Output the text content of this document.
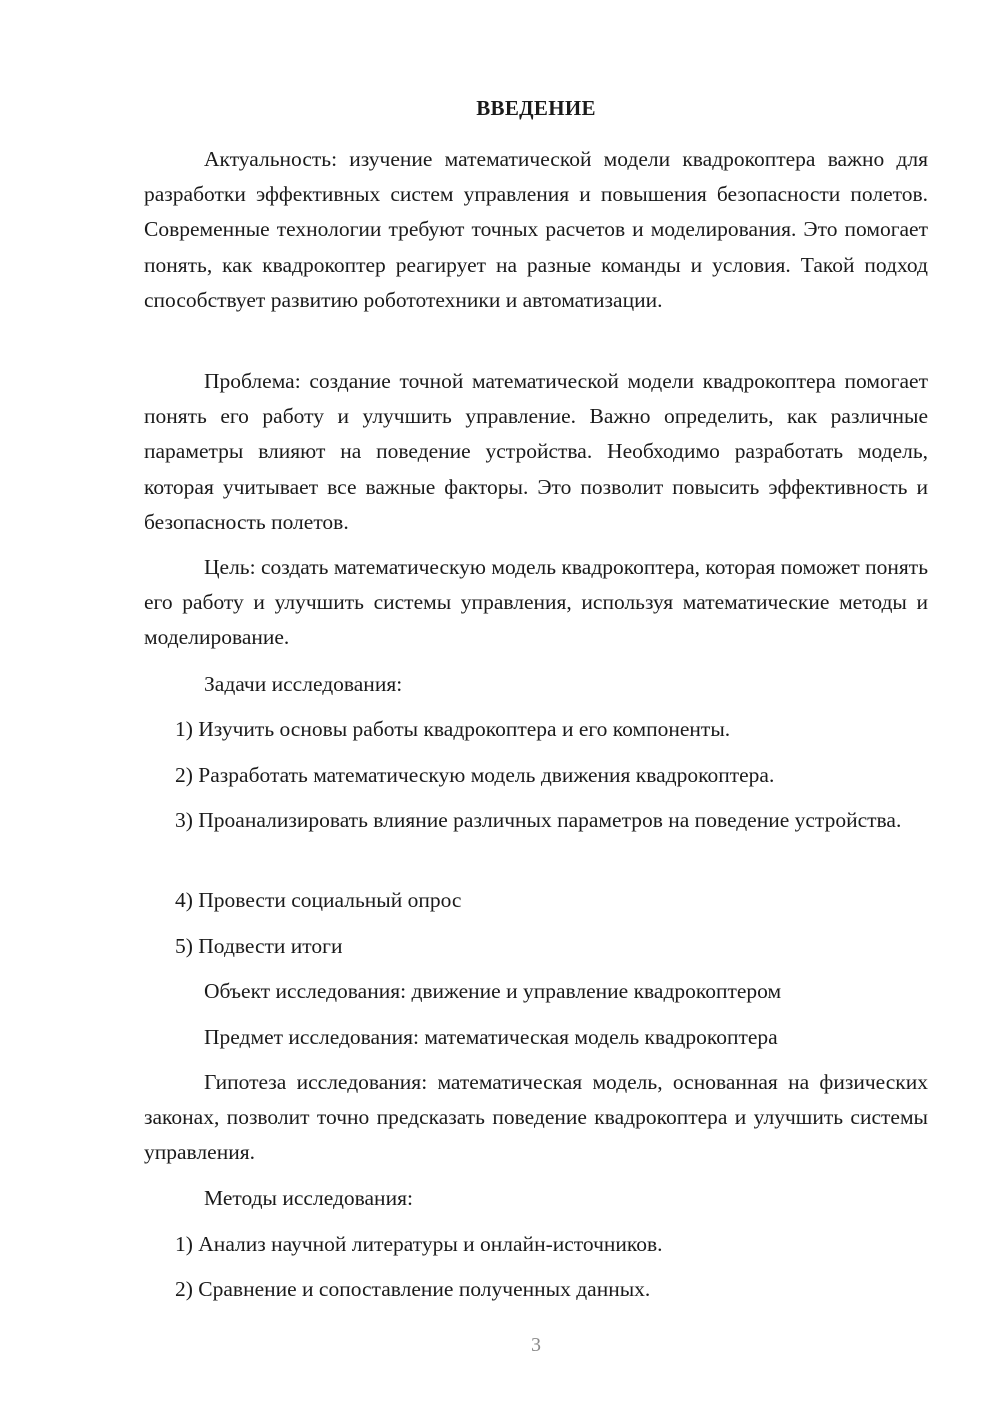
ВВЕДЕНИЕ

Актуальность: изучение математической модели квадрокоптера важно для разработки эффективных систем управления и повышения безопасности полетов. Современные технологии требуют точных расчетов и моделирования. Это помогает понять, как квадрокоптер реагирует на разные команды и условия. Такой подход способствует развитию робототехники и автоматизации.

Проблема: создание точной математической модели квадрокоптера помогает понять его работу и улучшить управление. Важно определить, как различные параметры влияют на поведение устройства. Необходимо разработать модель, которая учитывает все важные факторы. Это позволит повысить эффективность и безопасность полетов.

Цель: создать математическую модель квадрокоптера, которая поможет понять его работу и улучшить системы управления, используя математические методы и моделирование.

Задачи исследования:

1) Изучить основы работы квадрокоптера и его компоненты.

2) Разработать математическую модель движения квадрокоптера.

3) Проанализировать влияние различных параметров на поведение устройства.

4) Провести социальный опрос

5) Подвести итоги

Объект исследования: движение и управление квадрокоптером

Предмет исследования: математическая модель квадрокоптера

Гипотеза исследования: математическая модель, основанная на физических законах, позволит точно предсказать поведение квадрокоптера и улучшить системы управления.

Методы исследования:

1) Анализ научной литературы и онлайн-источников.

2) Сравнение и сопоставление полученных данных.

3
